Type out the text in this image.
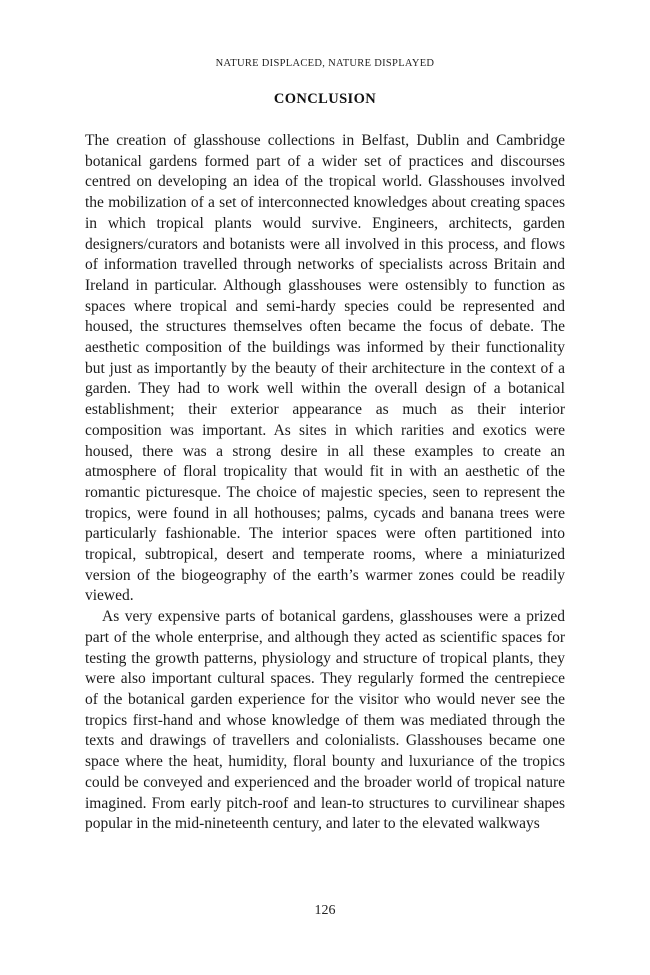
NATURE DISPLACED, NATURE DISPLAYED
CONCLUSION

The creation of glasshouse collections in Belfast, Dublin and Cambridge botanical gardens formed part of a wider set of practices and discourses centred on developing an idea of the tropical world. Glasshouses involved the mobilization of a set of interconnected knowledges about creating spaces in which tropical plants would survive. Engineers, architects, garden designers/curators and botanists were all involved in this process, and flows of information travelled through networks of specialists across Britain and Ireland in particular. Although glasshouses were ostensibly to function as spaces where tropical and semi-hardy species could be represented and housed, the structures themselves often became the focus of debate. The aesthetic composition of the buildings was informed by their functionality but just as importantly by the beauty of their architecture in the context of a garden. They had to work well within the overall design of a botanical establishment; their exterior appearance as much as their interior composition was important. As sites in which rarities and exotics were housed, there was a strong desire in all these examples to create an atmosphere of floral tropicality that would fit in with an aesthetic of the romantic picturesque. The choice of majestic species, seen to represent the tropics, were found in all hothouses; palms, cycads and banana trees were particularly fashionable. The interior spaces were often partitioned into tropical, subtropical, desert and temperate rooms, where a miniaturized version of the biogeography of the earth’s warmer zones could be readily viewed.

As very expensive parts of botanical gardens, glasshouses were a prized part of the whole enterprise, and although they acted as scientific spaces for testing the growth patterns, physiology and structure of tropical plants, they were also important cultural spaces. They regularly formed the centrepiece of the botanical garden experience for the visitor who would never see the tropics first-hand and whose knowledge of them was mediated through the texts and drawings of travellers and colonialists. Glasshouses became one space where the heat, humidity, floral bounty and luxuriance of the tropics could be conveyed and experienced and the broader world of tropical nature imagined. From early pitch-roof and lean-to structures to curvilinear shapes popular in the mid-nineteenth century, and later to the elevated walkways

126
